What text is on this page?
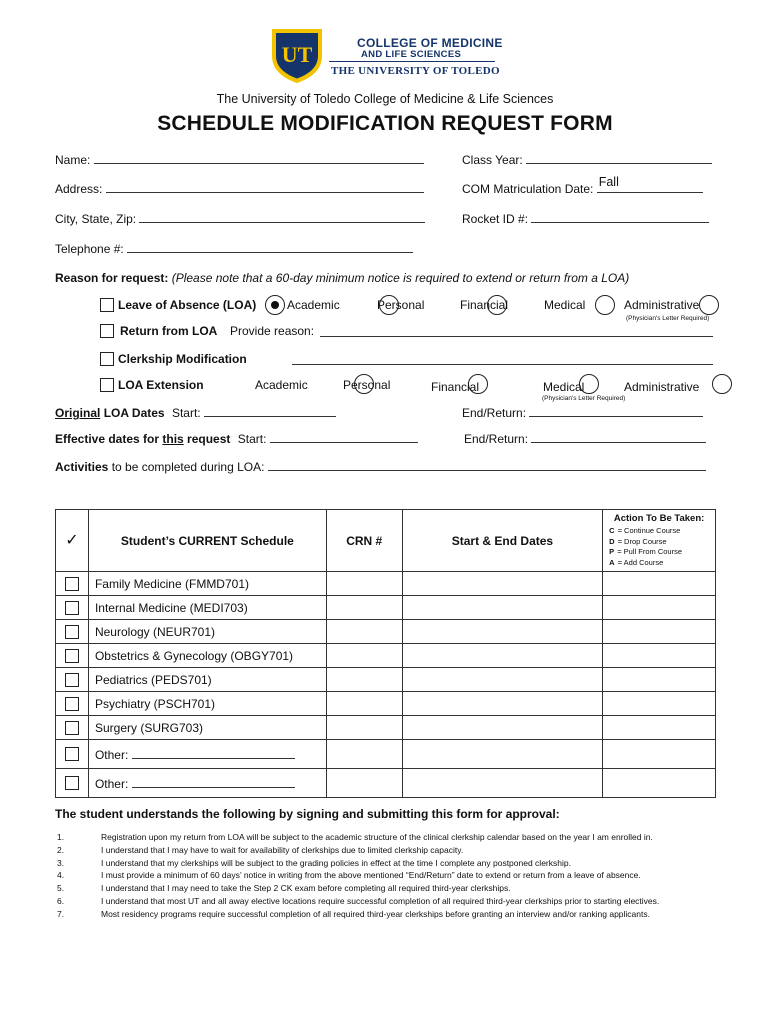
UT	COLLEGE OF MEDICINE
AND LIFE SCIENCES
THE UNIVERSITY OF TOLEDO
The University of Toledo College of Medicine & Life Sciences
SCHEDULE MODIFICATION REQUEST FORM
Name:	Class Year:
Address:	COM Matriculation Date: Fall
City, State, Zip:	Rocket ID #:
Telephone #:
Reason for request: (Please note that a 60-day minimum notice is required to extend or return from a LOA)
Leave of Absence (LOA)
	Academic
	Personal
	Financial
	Medical
	Administrative
(Physician's Letter Required)
Return from LOA Provide reason:
Clerkship Modification
LOA Extension
	Academic
	Personal
	Financial
	Medical	Administrative
(Physician's Letter Required)
Original LOA Dates Start:	End/Return:
Effective dates for this request Start:	End/Return:
Activities to be completed during LOA:
✓	Student’s CURRENT Schedule	CRN #	Start & End Dates	Action To Be Taken:
C = Continue Course
D = Drop Course
P = Pull From Course
A = Add Course

	Family Medicine (FMMD701)			
	Internal Medicine (MEDI703)			
	Neurology (NEUR701)			
	Obstetrics & Gynecology (OBGY701)			
	Pediatrics (PEDS701)			
	Psychiatry (PSCH701)			
	Surgery (SURG703)			
	Other:			
	Other:			
The student understands the following by signing and submitting this form for approval:
1.	Registration upon my return from LOA will be subject to the academic structure of the clinical clerkship calendar based on the year I am enrolled in.
2.	I understand that I may have to wait for availability of clerkships due to limited clerkship capacity.
3.	I understand that my clerkships will be subject to the grading policies in effect at the time I complete any postponed clerkship.
4.	I must provide a minimum of 60 days’ notice in writing from the above mentioned “End/Return” date to extend or return from a leave of absence.
5.	I understand that I may need to take the Step 2 CK exam before completing all required third-year clerkships.
6.	I understand that most UT and all away elective locations require successful completion of all required third-year clerkships prior to starting electives.
7.	Most residency programs require successful completion of all required third-year clerkships before granting an interview and/or ranking applicants.
